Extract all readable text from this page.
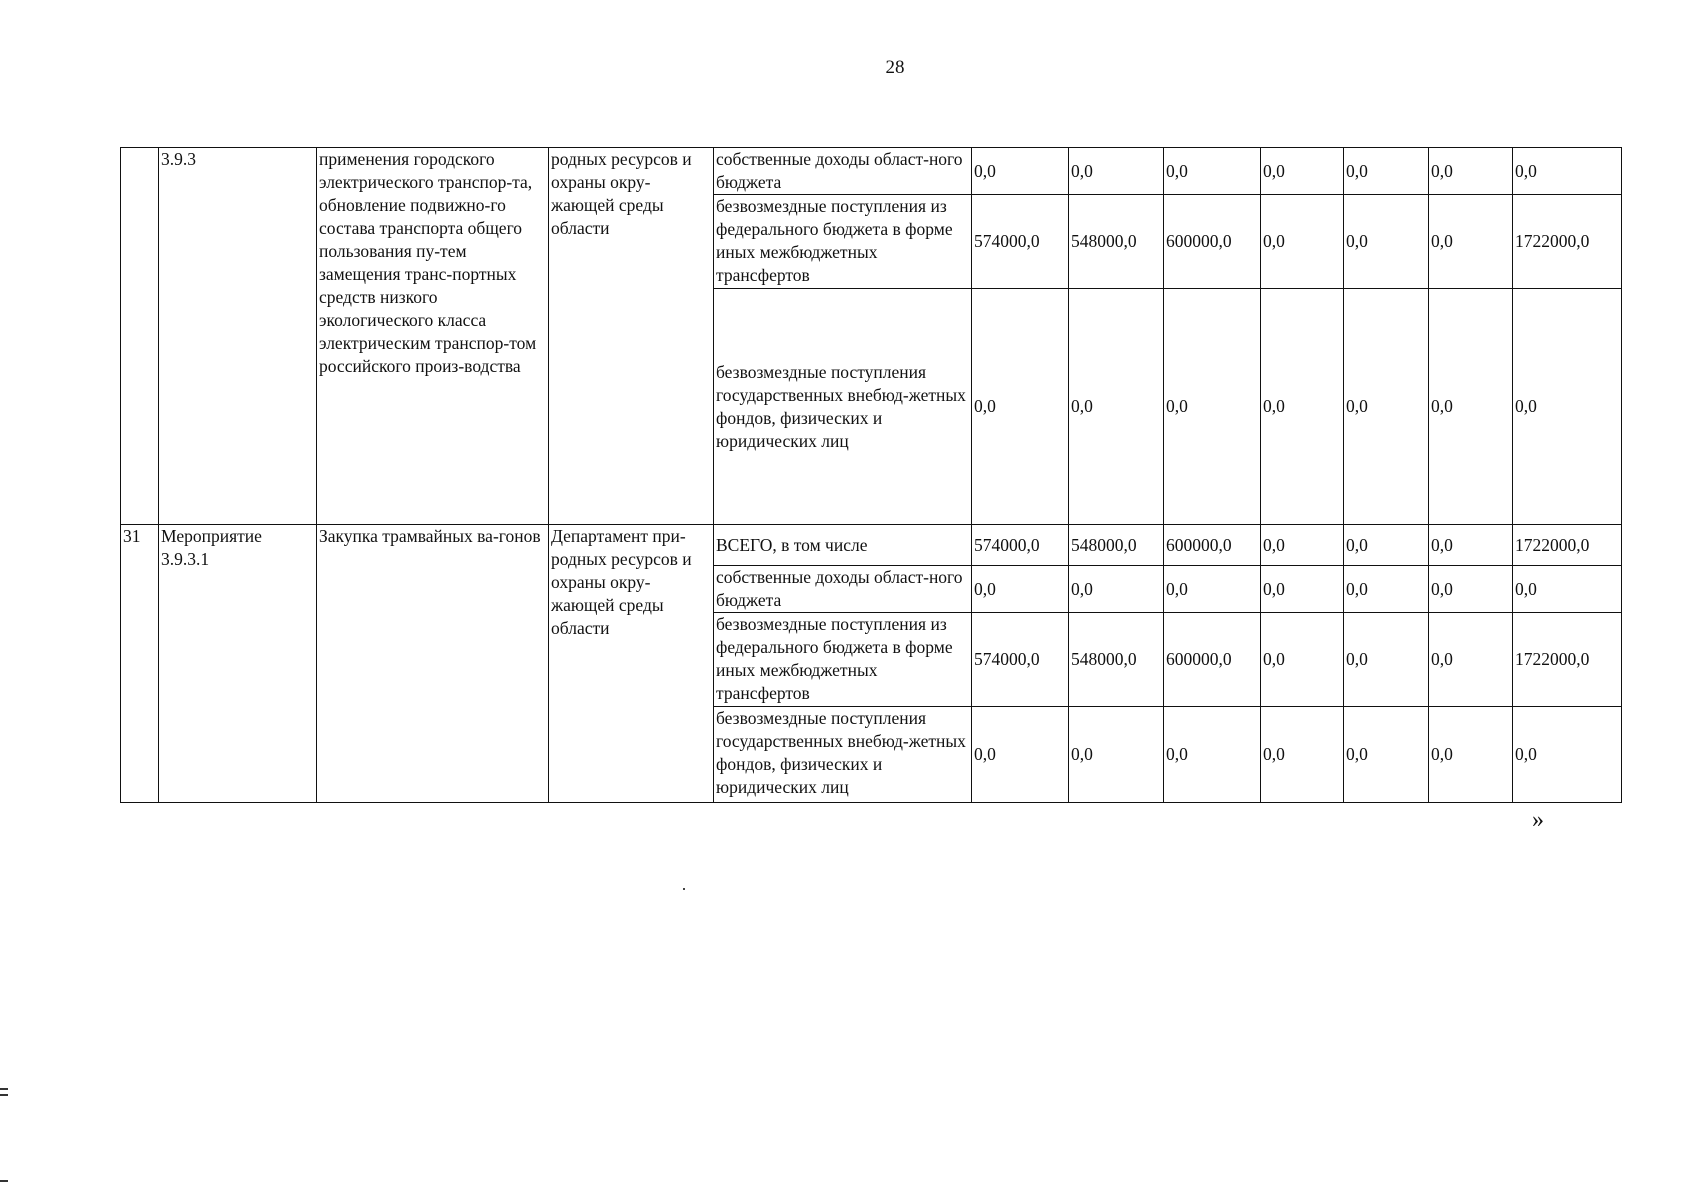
28
	3.9.3	применения городского электрического транспор-та, обновление подвижно-го состава транспорта общего пользования пу-тем замещения транс-портных средств низкого экологического класса электрическим транспор-том российского произ-водства	родных ресурсов и охраны окру-жающей среды области	собственные доходы област-ного бюджета	0,0	0,0	0,0	0,0	0,0	0,0	0,0
				безвозмездные поступления из федерального бюджета в форме иных межбюджетных трансфертов	574000,0	548000,0	600000,0	0,0	0,0	0,0	1722000,0
				безвозмездные поступления государственных внебюд-жетных фондов, физических и юридических лиц	0,0	0,0	0,0	0,0	0,0	0,0	0,0
31	Мероприятие 3.9.3.1	Закупка трамвайных ва-гонов	Департамент при-родных ресурсов и охраны окру-жающей среды области	ВСЕГО, в том числе	574000,0	548000,0	600000,0	0,0	0,0	0,0	1722000,0
				собственные доходы област-ного бюджета	0,0	0,0	0,0	0,0	0,0	0,0	0,0
				безвозмездные поступления из федерального бюджета в форме иных межбюджетных трансфертов	574000,0	548000,0	600000,0	0,0	0,0	0,0	1722000,0
				безвозмездные поступления государственных внебюд-жетных фондов, физических и юридических лиц	0,0	0,0	0,0	0,0	0,0	0,0	0,0
»
